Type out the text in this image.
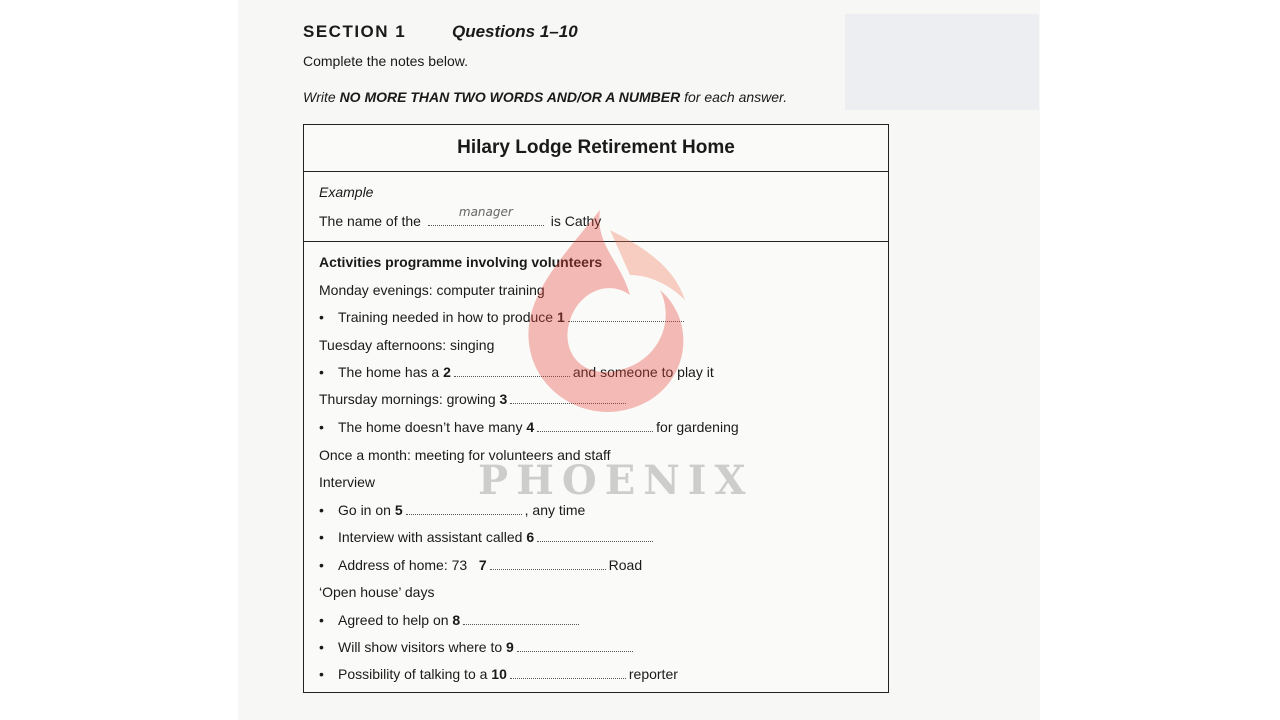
SECTION 1	Questions 1–10
Complete the notes below.
Write NO MORE THAN TWO WORDS AND/OR A NUMBER for each answer.
Hilary Lodge Retirement Home
Example
The name of the
manager
is Cathy
Activities programme involving volunteers
Monday evenings: computer training
• Training needed in how to produce 1
Tuesday afternoons: singing
• The home has a 2	and someone to play it
Thursday mornings: growing 3
• The home doesn’t have many 4	for gardening
Once a month: meeting for volunteers and staff
Interview
• Go in on 5	, any time
• Interview with assistant called 6
• Address of home: 73 7	Road
‘Open house’ days
• Agreed to help on 8
• Will show visitors where to 9
• Possibility of talking to a 10	reporter
PHOENIX
